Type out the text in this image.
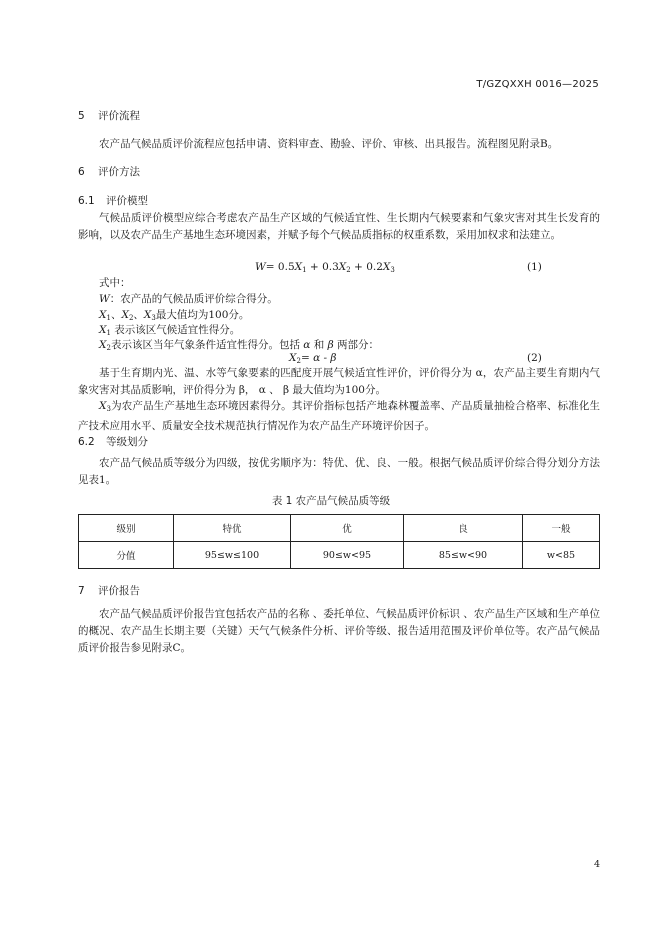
T/GZQXXH 0016—2025
5 评价流程
农产品气候品质评价流程应包括申请、资料审查、勘验、评价、审核、出具报告。流程图见附录B。
6 评价方法
6.1 评价模型
气候品质评价模型应综合考虑农产品生产区域的气候适宜性、生长期内气候要素和气象灾害对其生长发育的影响，以及农产品生产基地生态环境因素，并赋予每个气候品质指标的权重系数，采用加权求和法建立。
$W= 0.5X_1 + 0.3X_2 + 0.2X_3$	(1)
式中：
W：农产品的气候品质评价综合得分。
$X_1$、$X_2$、$X_3$最大值均为100分。
$X_1$ 表示该区气候适宜性得分。
$X_2$表示该区当年气象条件适宜性得分。包括 α 和 β 两部分：
$X_2= \alpha - \beta$	(2)
基于生育期内光、温、水等气象要素的匹配度开展气候适宜性评价，评价得分为 α，农产品主要生育期内气象灾害对其品质影响，评价得分为 β， α 、 β 最大值均为100分。
$X_3$为农产品生产基地生态环境因素得分。其评价指标包括产地森林覆盖率、产品质量抽检合格率、标准化生产技术应用水平、质量安全技术规范执行情况作为农产品生产环境评价因子。
6.2 等级划分
农产品气候品质等级分为四级，按优劣顺序为：特优、优、良、一般。根据气候品质评价综合得分划分方法见表1。
表 1 农产品气候品质等级
级别	特优	优	良	一般
分值	95≤w≤100	90≤w<95	85≤w<90	w<85
7 评价报告
农产品气候品质评价报告宜包括农产品的名称 、委托单位、气候品质评价标识 、农产品生产区域和生产单位的概况、农产品生长期主要（关键）天气气候条件分析、评价等级、报告适用范围及评价单位等。农产品气候品质评价报告参见附录C。
4
